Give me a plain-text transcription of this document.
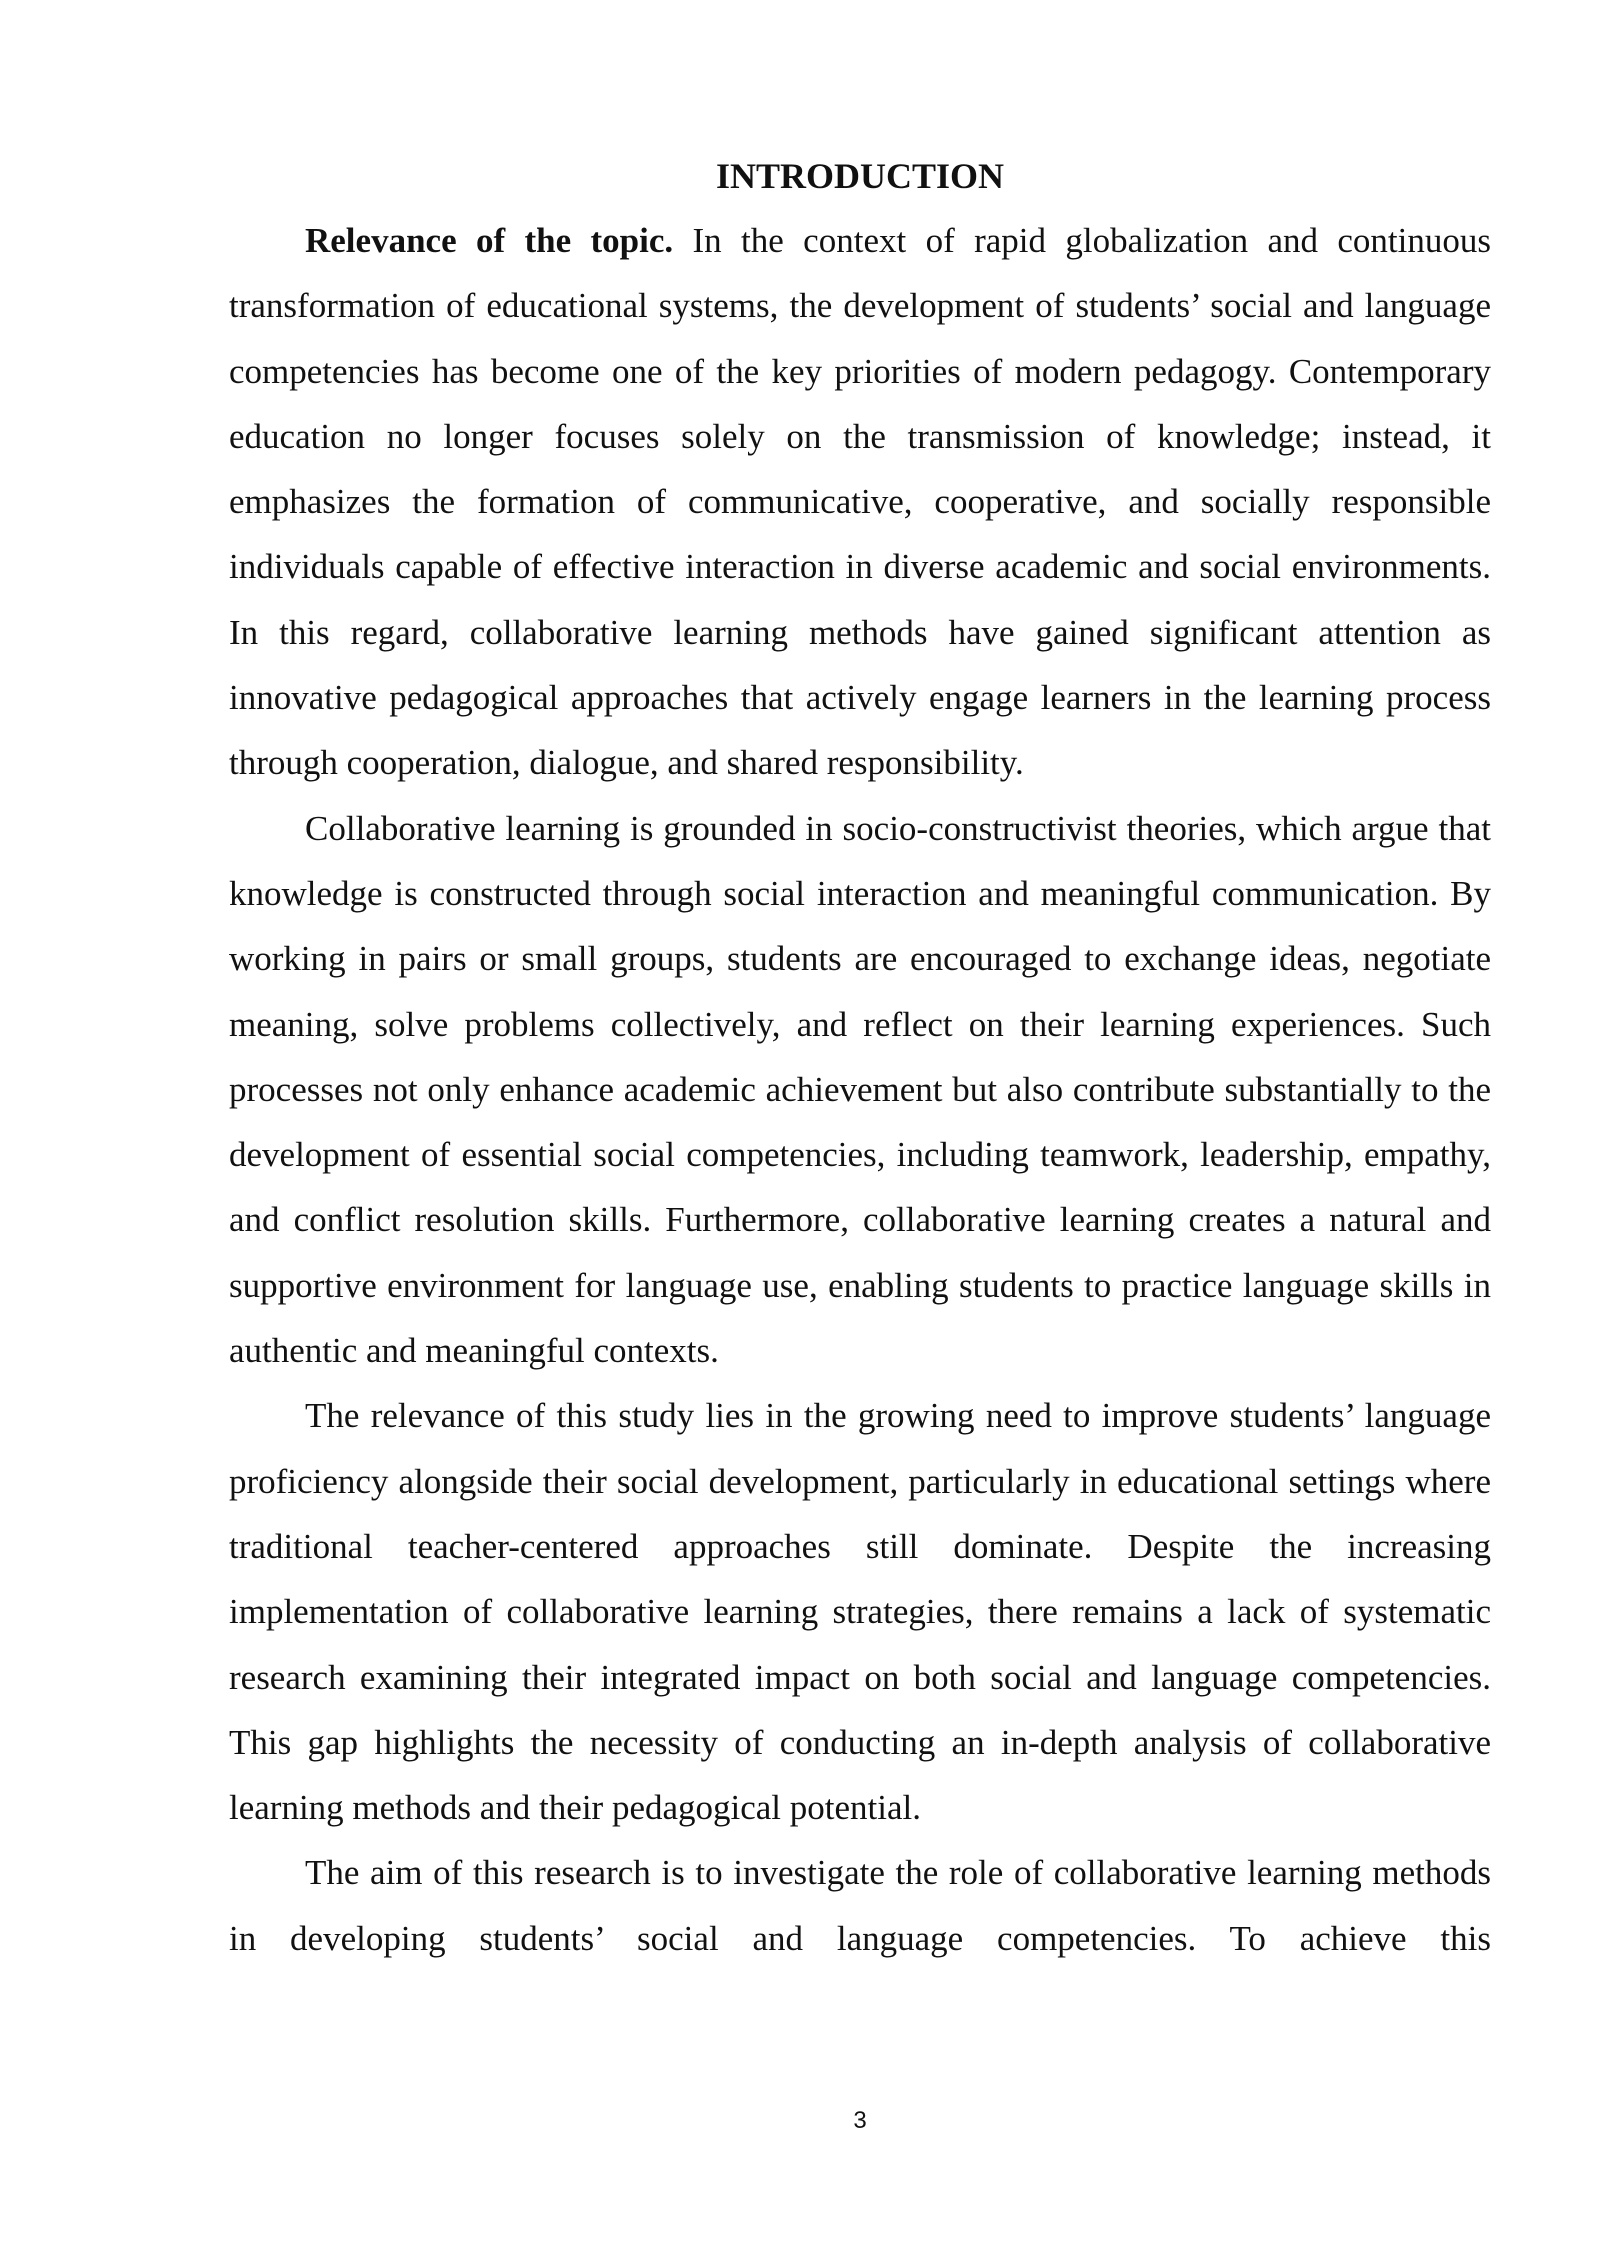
INTRODUCTION

Relevance of the topic. In the context of rapid globalization and continuous transformation of educational systems, the development of students’ social and language competencies has become one of the key priorities of modern pedagogy. Contemporary education no longer focuses solely on the transmission of knowledge; instead, it emphasizes the formation of communicative, cooperative, and socially responsible individuals capable of effective interaction in diverse academic and social environments. In this regard, collaborative learning methods have gained significant attention as innovative pedagogical approaches that actively engage learners in the learning process through cooperation, dialogue, and shared responsibility.

Collaborative learning is grounded in socio-constructivist theories, which argue that knowledge is constructed through social interaction and meaningful communication. By working in pairs or small groups, students are encouraged to exchange ideas, negotiate meaning, solve problems collectively, and reflect on their learning experiences. Such processes not only enhance academic achievement but also contribute substantially to the development of essential social competencies, including teamwork, leadership, empathy, and conflict resolution skills. Furthermore, collaborative learning creates a natural and supportive environment for language use, enabling students to practice language skills in authentic and meaningful contexts.

The relevance of this study lies in the growing need to improve students’ language proficiency alongside their social development, particularly in educational settings where traditional teacher-centered approaches still dominate. Despite the increasing implementation of collaborative learning strategies, there remains a lack of systematic research examining their integrated impact on both social and language competencies. This gap highlights the necessity of conducting an in-depth analysis of collaborative learning methods and their pedagogical potential.

The aim of this research is to investigate the role of collaborative learning methods in developing students’ social and language competencies. To achieve this

3
